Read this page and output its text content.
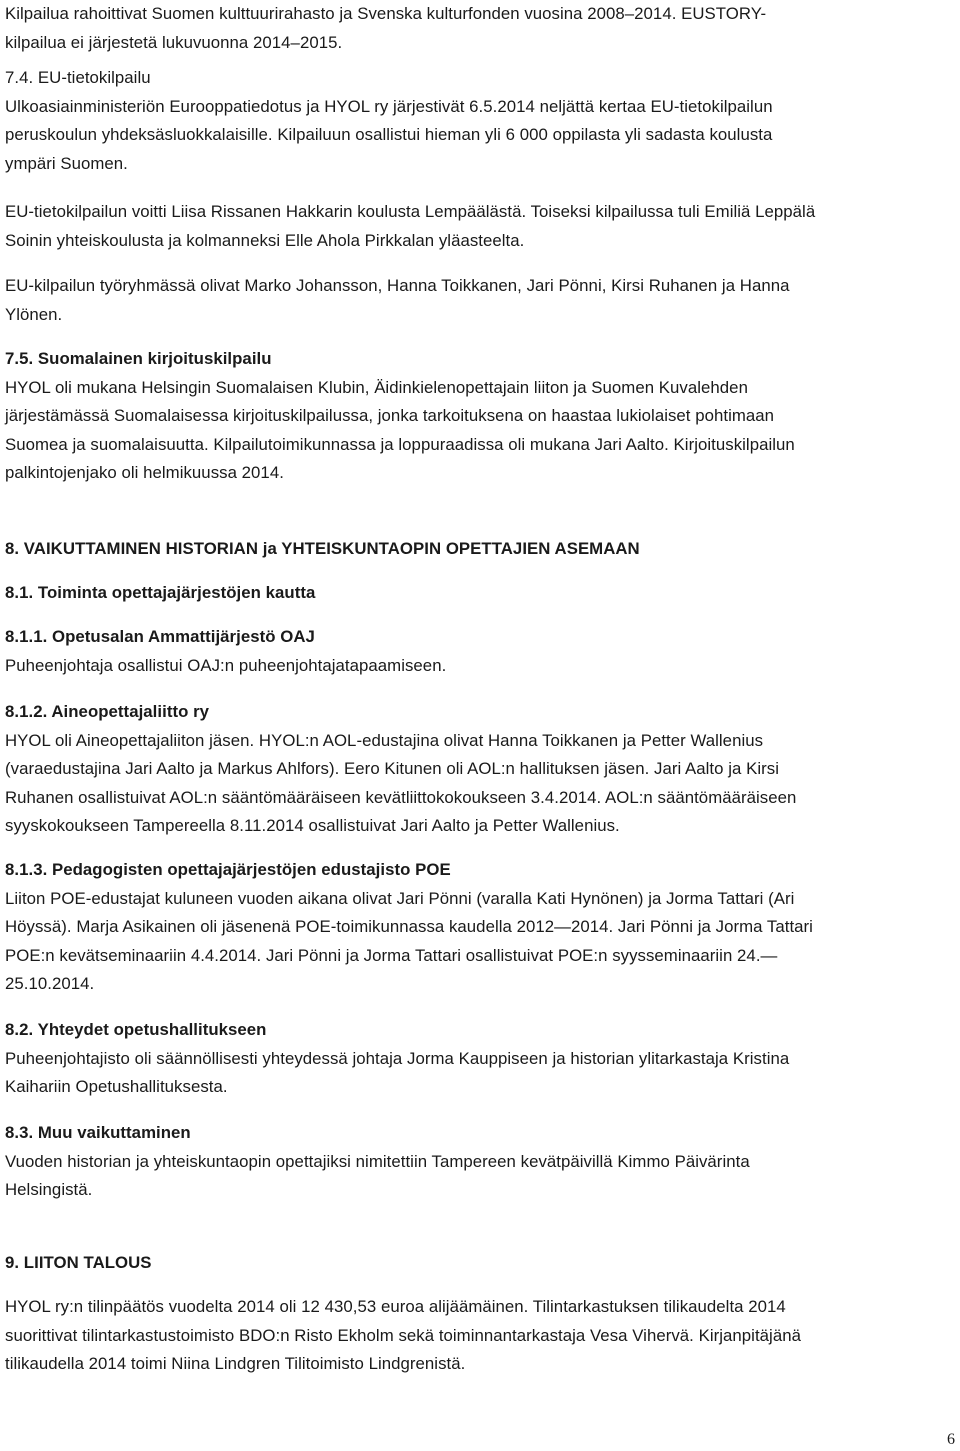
Kilpailua rahoittivat Suomen kulttuurirahasto ja Svenska kulturfonden vuosina 2008–2014. EUSTORY-

kilpailua ei järjestetä lukuvuonna 2014–2015.

7.4. EU-tietokilpailu

Ulkoasiainministeriön Eurooppatiedotus ja HYOL ry järjestivät 6.5.2014 neljättä kertaa EU-tietokilpailun

peruskoulun yhdeksäsluokkalaisille. Kilpailuun osallistui hieman yli 6 000 oppilasta yli sadasta koulusta

ympäri Suomen.

EU-tietokilpailun voitti Liisa Rissanen Hakkarin koulusta Lempäälästä. Toiseksi kilpailussa tuli Emiliä Leppälä

Soinin yhteiskoulusta ja kolmanneksi Elle Ahola Pirkkalan yläasteelta.

EU-kilpailun työryhmässä olivat Marko Johansson, Hanna Toikkanen, Jari Pönni, Kirsi Ruhanen ja Hanna

Ylönen.

7.5. Suomalainen kirjoituskilpailu

HYOL oli mukana Helsingin Suomalaisen Klubin, Äidinkielenopettajain liiton ja Suomen Kuvalehden

järjestämässä Suomalaisessa kirjoituskilpailussa, jonka tarkoituksena on haastaa lukiolaiset pohtimaan

Suomea ja suomalaisuutta. Kilpailutoimikunnassa ja loppuraadissa oli mukana Jari Aalto. Kirjoituskilpailun

palkintojenjako oli helmikuussa 2014.

8. VAIKUTTAMINEN HISTORIAN ja YHTEISKUNTAOPIN OPETTAJIEN ASEMAAN

8.1. Toiminta opettajajärjestöjen kautta

8.1.1. Opetusalan Ammattijärjestö OAJ

Puheenjohtaja osallistui OAJ:n puheenjohtajatapaamiseen.

8.1.2. Aineopettajaliitto ry

HYOL oli Aineopettajaliiton jäsen. HYOL:n AOL-edustajina olivat Hanna Toikkanen ja Petter Wallenius

(varaedustajina Jari Aalto ja Markus Ahlfors). Eero Kitunen oli AOL:n hallituksen jäsen. Jari Aalto ja Kirsi

Ruhanen osallistuivat AOL:n sääntömääräiseen kevätliittokokoukseen 3.4.2014. AOL:n sääntömääräiseen

syyskokoukseen Tampereella 8.11.2014 osallistuivat Jari Aalto ja Petter Wallenius.

8.1.3. Pedagogisten opettajajärjestöjen edustajisto POE

Liiton POE-edustajat kuluneen vuoden aikana olivat Jari Pönni (varalla Kati Hynönen) ja Jorma Tattari (Ari

Höyssä). Marja Asikainen oli jäsenenä POE-toimikunnassa kaudella 2012—2014. Jari Pönni ja Jorma Tattari

POE:n kevätseminaariin 4.4.2014. Jari Pönni ja Jorma Tattari osallistuivat POE:n syysseminaariin 24.—

25.10.2014.

8.2. Yhteydet opetushallitukseen

Puheenjohtajisto oli säännöllisesti yhteydessä johtaja Jorma Kauppiseen ja historian ylitarkastaja Kristina

Kaihariin Opetushallituksesta.

8.3. Muu vaikuttaminen

Vuoden historian ja yhteiskuntaopin opettajiksi nimitettiin Tampereen kevätpäivillä Kimmo Päivärinta

Helsingistä.

9. LIITON TALOUS

HYOL ry:n tilinpäätös vuodelta 2014 oli 12 430,53 euroa alijäämäinen. Tilintarkastuksen tilikaudelta 2014

suorittivat tilintarkastustoimisto BDO:n Risto Ekholm sekä toiminnantarkastaja Vesa Vihervä. Kirjanpitäjänä

tilikaudella 2014 toimi Niina Lindgren Tilitoimisto Lindgrenistä.

6
